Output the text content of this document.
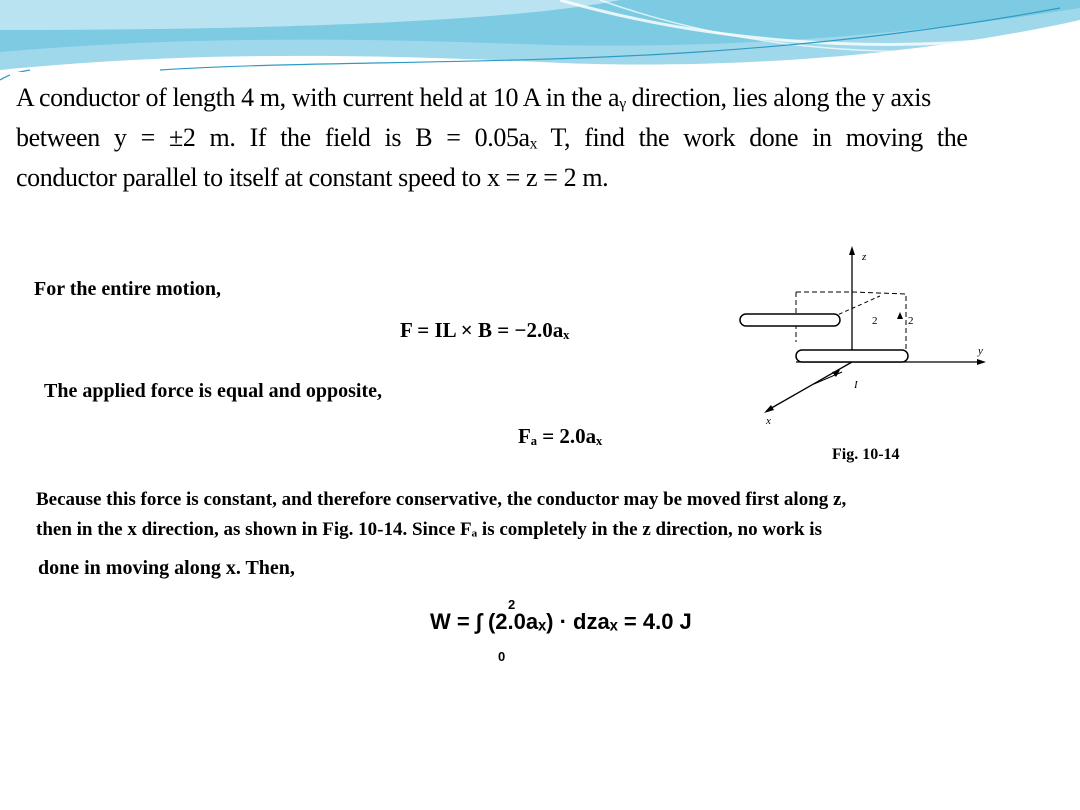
A conductor of length 4 m, with current held at 10 A in the aᵧ direction, lies along the y axis
between y = ±2 m. If the field is B = 0.05aₓ T, find the work done in moving the
conductor parallel to itself at constant speed to x = z = 2 m.
For the entire motion,
F = IL × B = −2.0aₓ
The applied force is equal and opposite,
Fₐ = 2.0aₓ
z
y
x
2	2
I
Fig. 10-14
Because this force is constant, and therefore conservative, the conductor may be moved first along z,
then in the x direction, as shown in Fig. 10-14. Since Fₐ is completely in the z direction, no work is
done in moving along x. Then,
W = ∫ (2.0aₓ) · dzaₓ = 4.0 J
2
0
